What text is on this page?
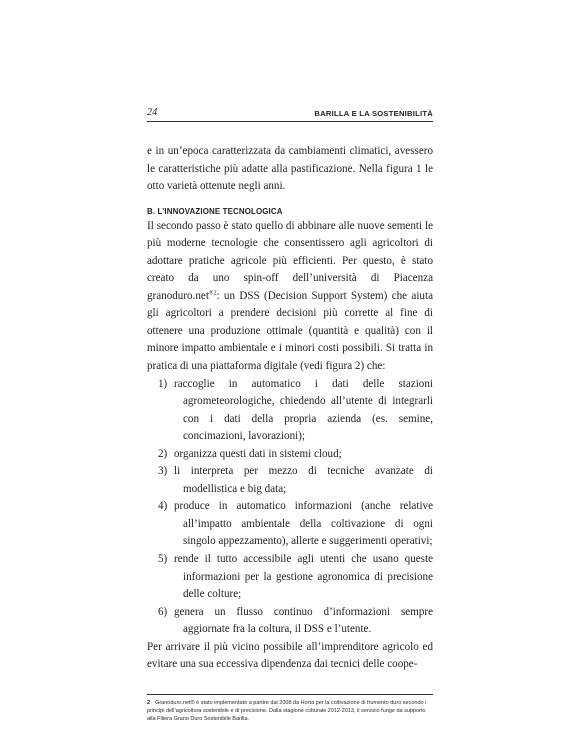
24	BARILLA E LA SOSTENIBILITÀ

e in un’epoca caratterizzata da cambiamenti climatici, avessero le caratteristiche più adatte alla pastificazione. Nella figura 1 le otto varietà ottenute negli anni.

B. L’INNOVAZIONE TECNOLOGICA

Il secondo passo è stato quello di abbinare alle nuove sementi le più moderne tecnologie che consentissero agli agricoltori di adottare pratiche agricole più efficienti. Per questo, è stato creato da uno spin-off dell’università di Piacenza granoduro.net$^{®2}$: un DSS (Decision Support System) che aiuta gli agricoltori a prendere decisioni più corrette al fine di ottenere una produzione ottimale (quantità e qualità) con il minore impatto ambientale e i minori costi possibili. Si tratta in pratica di una piattaforma digitale (vedi figura 2) che:

1) raccoglie in automatico i dati delle stazioni agrometeorologiche, chiedendo all’utente di integrarli con i dati della propria azienda (es. semine, concimazioni, lavorazioni);
2) organizza questi dati in sistemi cloud;
3) li interpreta per mezzo di tecniche avanzate di modellistica e big data;
4) produce in automatico informazioni (anche relative all’impatto ambientale della coltivazione di ogni singolo appezzamento), allerte e suggerimenti operativi;
5) rende il tutto accessibile agli utenti che usano queste informazioni per la gestione agronomica di precisione delle colture;
6) genera un flusso continuo d’informazioni sempre aggiornate fra la coltura, il DSS e l’utente.

Per arrivare il più vicino possibile all’imprenditore agricolo ed evitare una sua eccessiva dipendenza dai tecnici delle coope-

2 Granoduro.net® è stato implementato a partire dal 2008 da Horta per la coltivazione di frumento duro secondo i principi dell’agricoltura sostenibile e di precisione. Dalla stagione colturale 2012-2013, il servizio funge da supporto alla Filiera Grano Duro Sostenibile Barilla.
